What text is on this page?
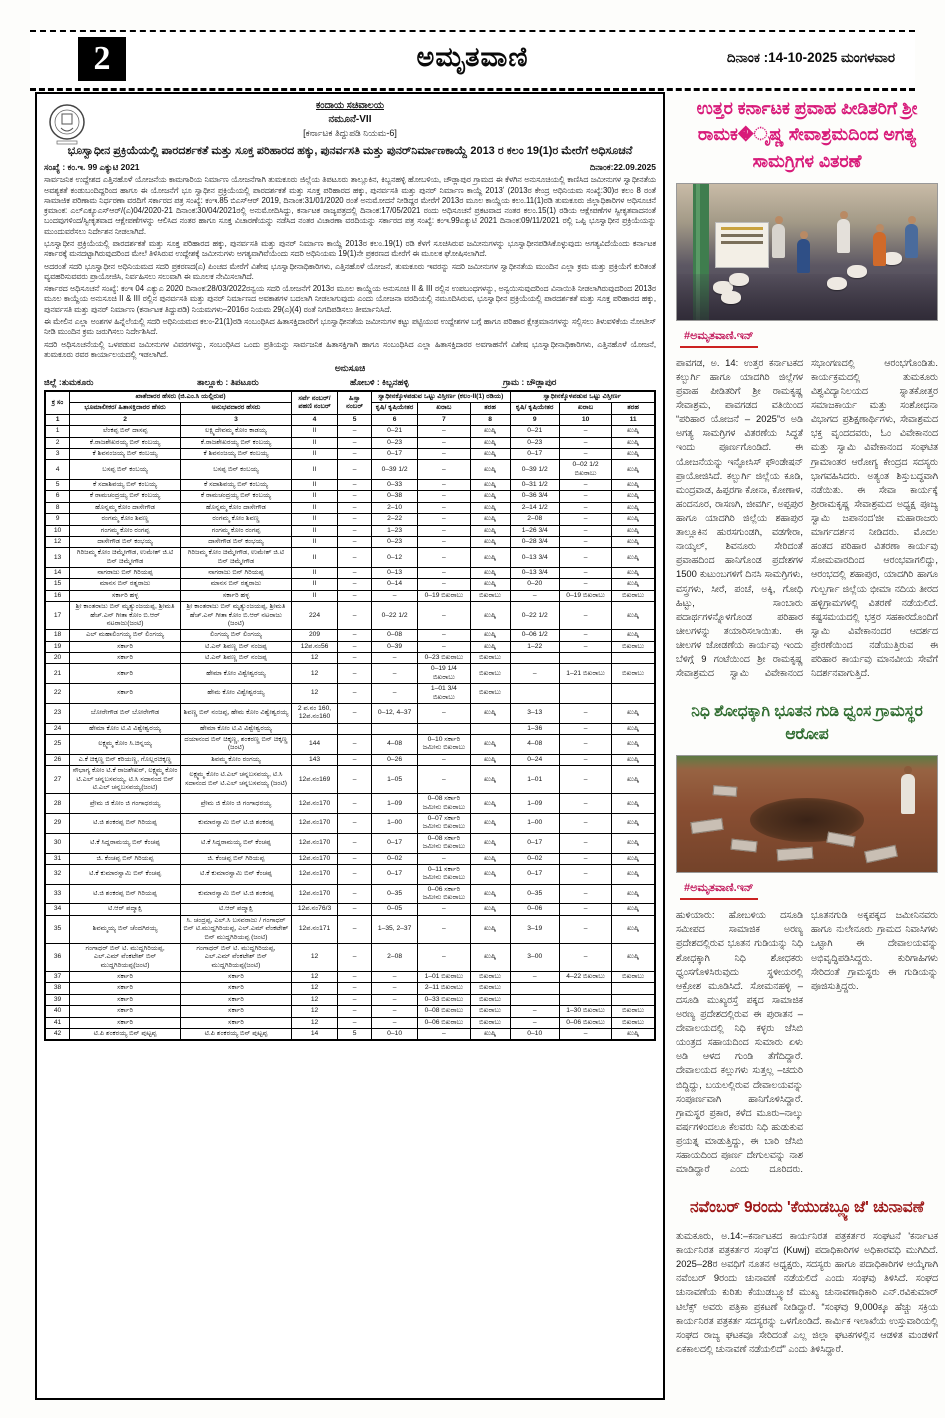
2	ಅಮೃತವಾಣಿ	ದಿನಾಂಕ :14-10-2025 ಮಂಗಳವಾರ
ಕಂದಾಯ ಸಚಿವಾಲಯ
ನಮೂನೆ-VII
[ಕರ್ನಾಟಕ ತಿದ್ದುಪಡಿ ನಿಯಮ-6]
ಭೂಸ್ವಾಧೀನ ಪ್ರಕ್ರಿಯೆಯಲ್ಲಿ ಪಾರದರ್ಶಕತೆ ಮತ್ತು ಸೂಕ್ತ ಪರಿಹಾರದ ಹಕ್ಕು, ಪುನರ್ವಸತಿ ಮತ್ತು ಪುನರ್‌ನಿರ್ಮಾಣಕಾಯ್ದೆ 2013 ರ ಕಲಂ 19(1)ರ ಮೇರೆಗೆ ಅಧಿಸೂಚನೆ
ಸಂಖ್ಯೆ : ಕಂ.ಇ. 99 ಎಕ್ಯುಟಿ 2021	ದಿನಾಂಕ:22.09.2025

ಸಾರ್ವಜನಿಕ ಉದ್ದೇಶದ ಎತ್ತಿನಹೊಳೆ ಯೋಜನೆಯ ಕಾಮಗಾರಿಯ ನಿರ್ಮಾಣ ಯೋಜನೆಗಾಗಿ ತುಮಕೂರು ಜಿಲ್ಲೆಯ ತಿಪಟೂರು ತಾಲ್ಲೂಕಿನ, ಕಿಬ್ಬನಹಳ್ಳಿ ಹೋಬಳಿಯ, ಚೌಡ್ಲಾಪುರ ಗ್ರಾಮದ ಈ ಕೆಳಗಿನ ಅನುಸೂಚಿಯಲ್ಲಿ ಕಾಣಿಸಿದ ಜಮೀನುಗಳ ಸ್ವಾಧೀನತೆಯ ಅವಶ್ಯಕತೆ ಕಂಡುಬಂದಿದ್ದರಿಂದ ಹಾಗೂ ಈ ಯೋಜನೆಗೆ ಭೂ ಸ್ವಾಧೀನ ಪ್ರಕ್ರಿಯೆಯಲ್ಲಿ ಪಾರದರ್ಶಕತೆ ಮತ್ತು ಸೂಕ್ತ ಪರಿಹಾರದ ಹಕ್ಕು, ಪುನರ್ವಸತಿ ಮತ್ತು ಪುನರ್ ನಿರ್ಮಾಣ ಕಾಯ್ದೆ 2013ʼ (2013ರ ಕೇಂದ್ರ ಅಧಿನಿಯಮ ಸಂಖ್ಯೆ:30)ರ ಕಲಂ 8 ರಂತೆ ಸಾಮಾಜಿಕ ಪರಿಣಾಮ ನಿರ್ಧರಣಾ ವರದಿಗೆ ಸರ್ಕಾರದ ಪತ್ರ ಸಂಖ್ಯೆ: ಕಂಇ.85 ಬಿಎಸ್‌ಆರ್ 2019, ದಿನಾಂಕ:31/01/2020 ರಂತೆ ಅನುಮೋದನೆ ನೀಡಿದ್ದರ ಮೇರೆಗೆ 2013ರ ಮೂಲ ಕಾಯ್ದೆಯ ಕಲಂ.11(1)ರಡಿ ತುಮಕೂರು ಜಿಲ್ಲಾಧಿಕಾರಿಗಳ ಅಧಿಸೂಚನೆ ಕ್ರಮಾಂಕ: ಎಲ್‌ಎಕ್ಯೂಎಸ್‌ಆರ್/(ಎ)04/2020-21 ದಿನಾಂಕ:30/04/2021ರಲ್ಲಿ ಅನುಮೋದಿಸಿದ್ದು, ಕರ್ನಾಟಕ ರಾಜ್ಯಪತ್ರದಲ್ಲಿ ದಿನಾಂಕ:17/05/2021 ರಂದು ಅಧಿಸೂಚನೆ ಪ್ರಕಟವಾದ ನಂತರ ಕಲಂ.15(1) ರಡಿಯ ಆಕ್ಷೇಪಣೆಗಳ ಸ್ವೀಕೃತವಾದನಂತೆ ಬಂದವುಗಳಿಂದ/ಸ್ವೀಕೃತವಾದ ಆಕ್ಷೇಪಣೆಗಳನ್ನು ಆಲಿಸಿದ ನಂತರ ಹಾಗೂ ಸೂಕ್ತ ವಿಚಾರಣೆಯನ್ನು ನಡೆಸಿದ ನಂತರ ವಿಚಾರಣಾ ವರದಿಯನ್ನು ಸರ್ಕಾರದ ಪತ್ರ ಸಂಖ್ಯೆ: ಕಂಇ.99ಎಕ್ಯುಟಿ 2021 ದಿನಾಂಕ:09/11/2021 ರಲ್ಲಿ ಒಪ್ಪಿ ಭೂಸ್ವಾಧೀನ ಪ್ರಕ್ರಿಯೆಯನ್ನು ಮುಂದುವರೆಸಲು ನಿರ್ದೇಶನ ನೀಡಲಾಗಿದೆ.

ಭೂಸ್ವಾಧೀನ ಪ್ರಕ್ರಿಯೆಯಲ್ಲಿ ಪಾರದರ್ಶಕತೆ ಮತ್ತು ಸೂಕ್ತ ಪರಿಹಾರದ ಹಕ್ಕು, ಪುನರ್ವಸತಿ ಮತ್ತು ಪುನರ್ ನಿರ್ಮಾಣ ಕಾಯ್ದೆ 2013ರ ಕಲಂ.19(1) ರಡಿ ಕೆಳಗೆ ಸೂಚಿಸಿರುವ ಜಮೀನುಗಳನ್ನು ಭೂಸ್ವಾಧೀನಪಡಿಸಿಕೊಳ್ಳುವುದು ಅಗತ್ಯವಿದೆಯೆಂದು ಕರ್ನಾಟಕ ಸರ್ಕಾರಕ್ಕೆ ಮನದಟ್ಟಾಗಿರುವುದರಿಂದ ಮೇಲೆ ತಿಳಿಸಿರುವ ಉದ್ದೇಶಕ್ಕೆ ಜಮೀನುಗಳು ಅಗತ್ಯವಾಗಿವೆಯೆಂದು ಸದರಿ ಅಧಿನಿಯಮ 19(1)ನೇ ಪ್ರಕರಣದ ಮೇರೆಗೆ ಈ ಮೂಲಕ ಘೋಷಿಸಲಾಗಿದೆ.

ಅದರಂತೆ ಸದರಿ ಭೂಸ್ವಾಧೀನ ಅಧಿನಿಯಮದ ಸದರಿ ಪ್ರಕರಣದ(ಎ) ಪಿಂಚದ ಮೇರೆಗೆ ವಿಶೇಷ ಭೂಸ್ವಾಧೀನಾಧಿಕಾರಿಗಳು, ಎತ್ತಿನಹೊಳೆ ಯೋಜನೆ, ತುಮಕೂರು ಇವರನ್ನು ಸದರಿ ಜಮೀನುಗಳ ಸ್ವಾಧೀನತೆಯ ಮುಂದಿನ ಎಲ್ಲಾ ಕ್ರಮ ಮತ್ತು ಪ್ರಕ್ರಿಯೆಗೆ ಕುರಿತಂತೆ ವ್ಯವಹರಿಸುವವರು ಪ್ರಾಯೋಜಿಸಿ, ನಿರ್ವಹಿಸಲು ಸಲುವಾಗಿ ಈ ಮೂಲಕ ನೇಮಿಸಲಾಗಿದೆ.

ಸರ್ಕಾರದ ಅಧಿಸೂಚನೆ ಸಂಖ್ಯೆ: ಕಂಇ 04 ಎಕ್ಯುಎ 2020 ದಿನಾಂಕ:28/03/2022ರನ್ವಯ ಸದರಿ ಯೋಜನೆಗೆ 2013ರ ಮೂಲ ಕಾಯ್ದೆಯ ಅನುಸೂಚಿ II & III ರಲ್ಲಿನ ಉಪಬಂಧಗಳನ್ನು, ಅನ್ವಯಿಸುವುದರಿಂದ ವಿನಾಯಿತಿ ನೀಡಲಾಗಿರುವುದರಿಂದ 2013ರ ಮೂಲ ಕಾಯ್ದೆಯ ಅನುಸೂಚಿ II & III ರಲ್ಲಿನ ಪುನರ್ವಸತಿ ಮತ್ತು ಪುನರ್ ನಿರ್ಮಾಣದ ಅವಕಾಶಗಳ ಬದಲಾಗಿ ನೀಡಲಾಗುವುದು ಎಂದು ಯೋಜನಾ ವರದಿಯಲ್ಲಿ ನಮೂದಿಸಿರುವ, ಭೂಸ್ವಾಧೀನ ಪ್ರಕ್ರಿಯೆಯಲ್ಲಿ ಪಾರದರ್ಶಕತೆ ಮತ್ತು ಸೂಕ್ತ ಪರಿಹಾರದ ಹಕ್ಕು, ಪುನರ್ವಸತಿ ಮತ್ತು ಪುನರ್ ನಿರ್ಮಾಣ (ಕರ್ನಾಟಕ ತಿದ್ದುಪಡಿ) ನಿಯಮಗಳು–2016ರ ನಿಯಮ 29(ಎ)(4) ರಂತೆ ನಿಗದಿಪಡಿಸಲು ತೀರ್ಮಾನಿಸಿದೆ.

ಈ ಮೇಲಿನ ಎಲ್ಲಾ ಅಂಶಗಳ ಹಿನ್ನೆಲೆಯಲ್ಲಿ ಸದರಿ ಅಧಿನಿಯಮದ ಕಲಂ-21(1)ರಡಿ ಸಂಬಂಧಿಸಿದ ಹಿತಾಸಕ್ತಿದಾರರಿಗೆ ಭೂಸ್ವಾಧೀನತೆಯ ಜಮೀನುಗಳ ಕಟ್ಟು ಪಟ್ಟಿಯುವ ಉದ್ದೇಶಗಳ ಬಗ್ಗೆ ಹಾಗೂ ಪರಿಹಾರ ಕ್ಷೇತ್ರಮಾನಗಳನ್ನು ಸಲ್ಲಿಸಲು ತಿಳುವಳಿಕೆಯ ನೋಟೀಸ್ ನೀಡಿ ಮುಂದಿನ ಕ್ರಮ ಜರುಗಿಸಲು ನಿರ್ದೇಶಿಸಿದೆ.

ಸದರಿ ಅಧಿಸೂಚನೆಯಲ್ಲಿ ಒಳಪಡುವ ಜಮೀನುಗಳ ವಿವರಗಳನ್ನು, ಸಂಬಂಧಿಸಿದ ಒಂದು ಪ್ರತಿಯನ್ನು ಸಾರ್ವಜನಿಕ ಹಿತಾಸಕ್ತಿಗಾಗಿ ಹಾಗೂ ಸಂಬಂಧಿಸಿದ ಎಲ್ಲಾ ಹಿತಾಸಕ್ತಿದಾರರ ಅವಗಾಹನೆಗೆ ವಿಶೇಷ ಭೂಸ್ವಾಧೀನಾಧಿಕಾರಿಗಳು, ಎತ್ತಿನಹೊಳೆ ಯೋಜನೆ, ತುಮಕೂರು ರವರ ಕಾರ್ಯಾಲಯದಲ್ಲಿ ಇಡಲಾಗಿದೆ.

ಅನುಸೂಚಿ
ಜಿಲ್ಲೆ :ತುಮಕೂರು	ತಾಲ್ಲೂಕು : ತಿಪಟೂರು	ಹೋಬಳಿ : ಕಿಬ್ಬನಹಳ್ಳಿ	ಗ್ರಾಮ : ಚೌಡ್ಲಾಪುರ
ಕ್ರ ಸಂ	ಖಾತೆದಾರರ ಹೆಸರು (ಜಿ.ಎಂ.ಸಿ ಯಲ್ಲಿರುವ)		ಸರ್ವೆ ನಂಬರ್/ ಪಹಣಿ ನಂಬರ್	ಹಿಸ್ಸಾ ನಂಬರ್	ಸ್ವಾಧೀನಕ್ಕೊಳಪಡುವ ಒಟ್ಟು ವಿಸ್ತೀರ್ಣ (ಕಲಂ-II(1) ರಡಿಯ)			ಸ್ವಾಧೀನಕ್ಕೊಳಪಡುವ ಒಟ್ಟು ವಿಸ್ತೀರ್ಣ		
	ಭೂಮಾಲೀಕರ/ ಹಿತಾಸಕ್ತಿದಾರರ ಹೆಸರು	ಅನುಭವದಾರರ ಹೆಸರು			ಕೃಷಿ/ ಕೃಷಿಯೇತರ	ಖರಾಬ	ತರಹ	ಕೃಷಿ/ ಕೃಷಿಯೇತರ	ಖರಾಬ	ತರಹ
1	2	3	4	5	6	7	8	9	10	11
1	ಲೆಂಕಪ್ಪ ಬಿನ್ ದಾಸಪ್ಪ	ಲಕ್ಷ್ಮಿದೇವಮ್ಮ ಕೋಂ ಕಾಡಯ್ಯ	II	–	0–21	–	ಖುಷ್ಕಿ	0–21	–	ಖುಷ್ಕಿ
2	ಕೆ.ರಾಜಶೇಖರಯ್ಯ ಬಿನ್ ಕಂಬಯ್ಯ	ಕೆ.ರಾಜಶೇಖರಯ್ಯ ಬಿನ್ ಕಂಬಯ್ಯ	II	–	0–23	–	ಖುಷ್ಕಿ	0–23	–	ಖುಷ್ಕಿ
3	ಕೆ ಶಿವನಂಜಯ್ಯ ಬಿನ್ ಕಂಬಯ್ಯ	ಕೆ ಶಿವನಂಜಯ್ಯ ಬಿನ್ ಕಂಬಯ್ಯ	II	–	0–17	–	ಖುಷ್ಕಿ	0–17	–	ಖುಷ್ಕಿ
4	ಬಸಪ್ಪ ಬಿನ್ ಕಂಬಯ್ಯ	ಬಸಪ್ಪ ಬಿನ್ ಕಂಬಯ್ಯ	II	–	0–39 1/2	–	ಖುಷ್ಕಿ	0–39 1/2	0–02 1/2 ಬಿಖರಾಬು	ಖುಷ್ಕಿ
5	ಕೆ ಸದಾಶಿವಯ್ಯ ಬಿನ್ ಕಂಬಯ್ಯ	ಕೆ ಸದಾಶಿವಯ್ಯ ಬಿನ್ ಕಂಬಯ್ಯ	II	–	0–33	–	ಖುಷ್ಕಿ	0–31 1/2	–	ಖುಷ್ಕಿ
6	ಕೆ ರಾಮಚಂದ್ರಯ್ಯ ಬಿನ್ ಕಂಬಯ್ಯ	ಕೆ ರಾಮಚಂದ್ರಯ್ಯ ಬಿನ್ ಕಂಬಯ್ಯ	II	–	0–38	–	ಖುಷ್ಕಿ	0–36 3/4	–	ಖುಷ್ಕಿ
8	ಹೊನ್ನಮ್ಮ ಕೋಂ ದಾಸೇಗೌಡ	ಹೊನ್ನಮ್ಮ ಕೋಂ ದಾಸೇಗೌಡ	II	–	2–10	–	ಖುಷ್ಕಿ	2–14 1/2	–	ಖುಷ್ಕಿ
9	ರಂಗಮ್ಮ ಕೋಂ ಶಿವಣ್ಣ	ರಂಗಮ್ಮ ಕೋಂ ಶಿವಣ್ಣ	II	–	2–22	–	ಖುಷ್ಕಿ	2–08	–	ಖುಷ್ಕಿ
10	ಗಂಗಮ್ಮ ಕೋಂ ರಂಗಪ್ಪ	ಗಂಗಮ್ಮ ಕೋಂ ರಂಗಪ್ಪ	II	–	1–23	–	ಖುಷ್ಕಿ	1–26 3/4	–	ಖುಷ್ಕಿ
12	ದಾಸೇಗೌಡ ಬಿನ್ ಕಂಭಯ್ಯ	ದಾಸೇಗೌಡ ಬಿನ್ ಕಂಭಯ್ಯ	II	–	0–23	–	ಖುಷ್ಕಿ	0–28 3/4	–	ಖುಷ್ಕಿ
13	ಗಿರಿಜಮ್ಮ ಕೋಂ ಚಿಮ್ಮೇಗೌಡ, ಉಮೇಶ್ ಜಿ.ಟಿ ಬಿನ್ ಚಿಮ್ಮೇಗೌಡ	ಗಿರಿಜಮ್ಮ ಕೋಂ ಚಿಮ್ಮೇಗೌಡ, ಉಮೇಶ್ ಜಿ.ಟಿ ಬಿನ್ ಚಿಮ್ಮೇಗೌಡ	II	–	0–12	–	ಖುಷ್ಕಿ	0–13 3/4	–	ಖುಷ್ಕಿ
14	ನಾಗರಾಜು ಬಿನ್ ಗಿರಿಯಪ್ಪ	ನಾಗರಾಜು ಬಿನ್ ಗಿರಿಯಪ್ಪ	II	–	0–13	–	ಖುಷ್ಕಿ	0–13 3/4	–	ಖುಷ್ಕಿ
15	ಮಾನಸ ಬಿನ್ ರತ್ನರಾಜು	ಮಾನಸ ಬಿನ್ ರತ್ನರಾಜು	II	–	0–14	–	ಖುಷ್ಕಿ	0–20	–	ಖುಷ್ಕಿ
16	ಸರ್ಕಾರಿ ಹಳ್ಳ	ಸರ್ಕಾರಿ ಹಳ್ಳ	II	–	–	0–19 ಬಿಖರಾಬು	ಬಿಖರಾಬು	–	0–19 ಬಿಖರಾಬು	ಬಿಖರಾಬು
17	ಶ್ರೀ ಕಾಂತರಾಜು ಬಿನ್ ಮೃತ್ಯುಂಜಯಪ್ಪ, ಶ್ರೀಮತಿ ಹೆಚ್.ಎನ್ ಗೀತಾ ಕೋಂ ಬಿ.ಆರ್ ನಟರಾಜು(ಜಂಟಿ)	ಶ್ರೀ ಕಾಂತರಾಜು ಬಿನ್ ಮೃತ್ಯುಂಜಯಪ್ಪ, ಶ್ರೀಮತಿ ಹೆಚ್.ಎನ್ ಗೀತಾ ಕೋಂ ಬಿ.ಆರ್ ನಟರಾಜು (ಜಂಟಿ)	224	–	0–22 1/2	–	ಖುಷ್ಕಿ	0–22 1/2	–	ಖುಷ್ಕಿ
18	ಎಲ್ ಮಹಾಲಿಂಗಯ್ಯ ಬಿನ್ ಲಿಂಗಯ್ಯ	ಲಿಂಗಯ್ಯ ಬಿನ್ ಲಿಂಗಯ್ಯ	209	–	0–08	–	ಖುಷ್ಕಿ	0–06 1/2	–	ಖುಷ್ಕಿ
19	ಸರ್ಕಾರಿ	ಟಿ.ಎನ್ ಶಿವಣ್ಣ ಬಿನ್ ನಂಜಪ್ಪ	12ಪ.ನಂ56	–	0–39	–	ಖುಷ್ಕಿ	1–22	–	ಬಿಖರಾಬು
20	ಸರ್ಕಾರಿ	ಟಿ.ಎನ್ ಶಿವಣ್ಣ ಬಿನ್ ನಂಜಪ್ಪ	12	–	–	0–23 ಬಿಖರಾಬು	ಬಿಖರಾಬು			
21	ಸರ್ಕಾರಿ	ಹೇಮಾ ಕೋಂ ವಿಶ್ವೇಶ್ವರಯ್ಯ	12	–	–	0–19 1/4 ಬಿಖರಾಬು	ಬಿಖರಾಬು	–	1–21 ಬಿಖರಾಬು	ಬಿಖರಾಬು
22	ಸರ್ಕಾರಿ	ಹೇಮ ಕೋಂ ವಿಶ್ವೇಶ್ವರಯ್ಯ	12	–	–	1–01 3/4 ಬಿಖರಾಬು	ಬಿಖರಾಬು			
23	ಬೋರೇಗೌಡ ಬಿನ್ ಬೋರೇಗೌಡ	ಶಿವಣ್ಣ ಬಿನ್ ನಂಜಪ್ಪ, ಹೇಮ ಕೋಂ ವಿಶ್ವೇಶ್ವರಯ್ಯ	2 ಪ.ನಂ 160, 12ಪ.ನಂ160	–	0–12, 4–37	–	ಖುಷ್ಕಿ	3–13	–	ಖುಷ್ಕಿ
24	ಹೇಮಾ ಕೋಂ ಟಿ.ವಿ ವಿಶ್ವೇಶ್ವರಯ್ಯ	ಹೇಮಾ ಕೋಂ ಟಿ.ವಿ ವಿಶ್ವೇಶ್ವರಯ್ಯ						1–36	–	ಖುಷ್ಕಿ
25	ಲಕ್ಷ್ಮಮ್ಮ ಕೋಂ ಸಿ.ಚಿನ್ನಯ್ಯ	ದಯಾನಂದ ಬಿನ್ ಚಿಕ್ಕಣ್ಣ, ಶಂಕರಣ್ಣ ಬಿನ್ ಚಿಕ್ಕಣ್ಣ (ಜಂಟಿ)	144	–	4–08	0–10 ಸರ್ಕಾರಿ ಜಮೀನು ಬಿಖರಾಬು	ಖುಷ್ಕಿ	4–08	–	ಖುಷ್ಕಿ
26	ಎ.ಕೆ ಚಿಕ್ಕಣ್ಣ ಬಿನ್ ಕರಿಯಣ್ಣ, ಗೊಲ್ಲರಚಿಕ್ಕಣ್ಣ	ಶಿವಮ್ಮ ಕೋಂ ರಂಗಯ್ಯ	143	–	0–26	–	ಖುಷ್ಕಿ	0–24	–	ಖುಷ್ಕಿ
27	ಸೌಭಾಗ್ಯ ಕೋಂ ಟಿ.ಕೆ ರಾಜಶೇಖರ್, ಲಕ್ಷ್ಮಮ್ಮ ಕೋಂ ಟಿ.ಎಲ್ ಚನ್ನಬಸವಯ್ಯ, ಟಿ.ಸಿ ಸದಾನಂದ ಬಿನ್ ಟಿ.ಎಲ್ ಚನ್ನಬಸವಯ್ಯ(ಜಂಟಿ)	ಲಕ್ಷ್ಮಮ್ಮ ಕೋಂ ಟಿ.ಎಲ್ ಚನ್ನಬಸವಯ್ಯ, ಟಿ.ಸಿ ಸದಾನಂದ ಬಿನ್ ಟಿ.ಎಲ್ ಚನ್ನಬಸವಯ್ಯ (ಜಂಟಿ)	12ಪ.ನಂ169	–	1–05	–	ಖುಷ್ಕಿ	1–01	–	ಖುಷ್ಕಿ
28	ಪ್ರೇಮ ಜಿ ಕೋಂ ಜಿ ಗಂಗಾಧರಯ್ಯ	ಪ್ರೇಮ ಜಿ ಕೋಂ ಜಿ ಗಂಗಾಧರಯ್ಯ	12ಪ.ನಂ170	–	1–09	0–08 ಸರ್ಕಾರಿ ಜಮೀನು ಬಿಖರಾಬು	ಖುಷ್ಕಿ	1–09	–	ಖುಷ್ಕಿ
29	ಟಿ.ಜಿ ಶಂಕರಪ್ಪ ಬಿನ್ ಗಿರಿಯಪ್ಪ	ಕುಮಾರಸ್ವಾಮಿ ಬಿನ್ ಟಿ.ಜಿ ಶಂಕರಪ್ಪ	12ಪ.ನಂ170	–	1–00	0–07 ಸರ್ಕಾರಿ ಜಮೀನು ಬಿಖರಾಬು	ಖುಷ್ಕಿ	1–00	–	ಖುಷ್ಕಿ
30	ಟಿ.ಕೆ ಸಿದ್ದರಾಮಯ್ಯ ಬಿನ್ ಕೆಂಚಪ್ಪ	ಟಿ.ಕೆ ಸಿದ್ದರಾಮಯ್ಯ ಬಿನ್ ಕೆಂಚಪ್ಪ	12ಪ.ನಂ170	–	0–17	0–08 ಸರ್ಕಾರಿ ಜಮೀನು ಬಿಖರಾಬು	ಖುಷ್ಕಿ	0–17	–	ಖುಷ್ಕಿ
31	ಜಿ. ಕೆಂಚಪ್ಪ ಬಿನ್ ಗಿರಿಯಪ್ಪ	ಜಿ. ಕೆಂಚಪ್ಪ ಬಿನ್ ಗಿರಿಯಪ್ಪ	12ಪ.ನಂ170	–	0–02	–	ಖುಷ್ಕಿ	0–02	–	ಖುಷ್ಕಿ
32	ಟಿ.ಕೆ ಕುಮಾರಸ್ವಾಮಿ ಬಿನ್ ಕೆಂಚಪ್ಪ	ಟಿ.ಕೆ ಕುಮಾರಸ್ವಾಮಿ ಬಿನ್ ಕೆಂಚಪ್ಪ	12ಪ.ನಂ170	–	0–17	0–11 ಸರ್ಕಾರಿ ಜಮೀನು ಬಿಖರಾಬು	ಖುಷ್ಕಿ	0–17	–	ಖುಷ್ಕಿ
33	ಟಿ.ಜಿ ಶಂಕರಪ್ಪ ಬಿನ್ ಗಿರಿಯಪ್ಪ	ಕುಮಾರಸ್ವಾಮಿ ಬಿನ್ ಟಿ.ಜಿ ಶಂಕರಪ್ಪ	12ಪ.ನಂ170	–	0–35	0–06 ಸರ್ಕಾರಿ ಜಮೀನು ಬಿಖರಾಬು	ಖುಷ್ಕಿ	0–35	–	ಖುಷ್ಕಿ
34	ಟಿ.ಆರ್ ಪದ್ಮಾಕ್ಷಿ	ಟಿ.ಆರ್ ಪದ್ಮಾಕ್ಷಿ	12ಪ.ನಂ76/3	–	0–05	–	ಖುಷ್ಕಿ	0–06	–	ಖುಷ್ಕಿ
35	ಶಿವಮ್ಮಯ್ಯ ಬಿನ್ ಚೆಂದಗಿರಯ್ಯ	ಸಿ. ಚಂದ್ರಪ್ಪ, ಎಲ್.ಸಿ ಬಸವರಾಜು / ಗಂಗಾಧರ್ ಬಿನ್ ಟಿ.ಮುದ್ದಗಿರಿಯಪ್ಪ, ಎಲ್.ಎಮ್ ವೆಂಕಟೇಶ್ ಬಿನ್ ಮುದ್ದಗಿರಿಯಪ್ಪ (ಜಂಟಿ)	12ಪ.ನಂ171	–	1–35, 2–37	–	ಖುಷ್ಕಿ	3–19	–	ಖುಷ್ಕಿ
36	ಗಂಗಾಧರ್ ಬಿನ್ ಟಿ. ಮುದ್ದಗಿರಿಯಪ್ಪ, ಎಲ್.ಎಮ್ ವೆಂಕಟೇಶ್ ಬಿನ್ ಮುದ್ದಗಿರಿಯಪ್ಪ(ಜಂಟಿ)	ಗಂಗಾಧರ್ ಬಿನ್ ಟಿ. ಮುದ್ದಗಿರಿಯಪ್ಪ, ಎಲ್.ಎಮ್ ವೆಂಕಟೇಶ್ ಬಿನ್ ಮುದ್ದಗಿರಿಯಪ್ಪ(ಜಂಟಿ)	12	–	2–08	–	ಖುಷ್ಕಿ	3–00	–	ಖುಷ್ಕಿ
37	ಸರ್ಕಾರಿ	ಸರ್ಕಾರಿ	12	–	–	1–01 ಬಿಖರಾಬು	ಬಿಖರಾಬು	–	4–22 ಬಿಖರಾಬು	ಬಿಖರಾಬು
38	ಸರ್ಕಾರಿ	ಸರ್ಕಾರಿ	12	–	–	2–11 ಬಿಖರಾಬು	ಬಿಖರಾಬು			
39	ಸರ್ಕಾರಿ	ಸರ್ಕಾರಿ	12	–	–	0–33 ಬಿಖರಾಬು	ಬಿಖರಾಬು			
40	ಸರ್ಕಾರಿ	ಸರ್ಕಾರಿ	12	–	–	0–08 ಬಿಖರಾಬು	ಬಿಖರಾಬು	–	1–30 ಬಿಖರಾಬು	ಬಿಖರಾಬು
41	ಸರ್ಕಾರಿ	ಸರ್ಕಾರಿ	12	–	–	0–06 ಬಿಖರಾಬು	ಬಿಖರಾಬು	–	0–06 ಬಿಖರಾಬು	ಬಿಖರಾಬು
42	ಟಿ.ಪಿ ಶಂಕರಯ್ಯ ಬಿನ್ ಪುಟ್ಟಪ್ಪ	ಟಿ.ಪಿ ಶಂಕರಯ್ಯ ಬಿನ್ ಪುಟ್ಟಪ್ಪ	14	5	0–10	–	ಖುಷ್ಕಿ	0–10	–	ಖುಷ್ಕಿ
ಉತ್ತರ ಕರ್ನಾಟಕ ಪ್ರವಾಹ ಪೀಡಿತರಿಗೆ ಶ್ರೀ ರಾಮಕ�ೃಷ್ಣ ಸೇವಾಶ್ರಮದಿಂದ ಅಗತ್ಯ ಸಾಮಗ್ರಿಗಳ ವಿತರಣೆ
#ಅಮೃತವಾಣಿ.ಇನ್
ಪಾವಗಡ, ಅ. 14: ಉತ್ತರ ಕರ್ನಾಟಕದ ಕಲ್ಬುರ್ಗಿ ಹಾಗೂ ಯಾದಗಿರಿ ಜಿಲ್ಲೆಗಳ ಪ್ರವಾಹ ಪೀಡಿತರಿಗೆ ಶ್ರೀ ರಾಮಕೃಷ್ಣ ಸೇವಾಶ್ರಮ, ಪಾವಗಡದ ವತಿಯಿಂದ “ಪರಿಹಾರ ಯೋಜನೆ – 2025”ರ ಅಡಿ ಅಗತ್ಯ ಸಾಮಗ್ರಿಗಳ ವಿತರಣೆಯ ಸಿದ್ಧತೆ ಇಂದು ಪೂರ್ಣಗೊಂಡಿದೆ. ಈ ಯೋಜನೆಯನ್ನು ಇನ್ಫೋಸಿಸ್ ಫೌಂಡೇಷನ್ ಪ್ರಾಯೋಜಿಸಿದೆ. ಕಲ್ಬುರ್ಗಿ ಜಿಲ್ಲೆಯ ಕೂಡಿ, ಮಂದ್ರವಾಡ, ಹಿಪ್ಪರಗಾ ಕೋನಾ, ಕೋಣಾಳ, ಹಂದನೂರ, ರಾಸಣಗಿ, ಜೀವರ್ಗಿ, ಅಪ್ಪಪುರ ಹಾಗೂ ಯಾದಗಿರಿ ಜಿಲ್ಲೆಯ ಶಹಾಪುರ ತಾಲ್ಲೂಕಿನ ಹುರಸಗುಂಡಗಿ, ವಡಗೇರಾ, ನಾಯ್ಕಲ್, ಶಿವನೂರು ಸೇರಿದಂತೆ ಪ್ರವಾಹದಿಂದ ಹಾನಿಗೊಂಡ ಪ್ರದೇಶಗಳ 1500 ಕುಟುಂಬಗಳಿಗೆ ದಿನಸಿ ಸಾಮಗ್ರಿಗಳು, ವಸ್ತ್ರಗಳು, ಸೀರೆ, ಪಂಚೆ, ಅಕ್ಕಿ, ಗೋಧಿ ಹಿಟ್ಟು, ಸಾಂಬಾರು ಪದಾರ್ಥಗಳನ್ನೊಳಗೊಂಡ ಪರಿಹಾರ ಚೀಲಗಳನ್ನು ತಯಾರಿಸಲಾಯಿತು. ಈ ಚೀಲಗಳ ಜೋಡಣೆಯ ಕಾರ್ಯವು ಇಂದು ಬೆಳಿಗ್ಗೆ 9 ಗಂಟೆಯಿಂದ ಶ್ರೀ ರಾಮಕೃಷ್ಣ ಸೇವಾಶ್ರಮದ ಸ್ವಾಮಿ ವಿವೇಕಾನಂದ ಸಭಾಂಗಣದಲ್ಲಿ ಆರಂಭಗೊಂಡಿತು. ಕಾರ್ಯಕ್ರಮದಲ್ಲಿ ತುಮಕೂರು ವಿಶ್ವವಿದ್ಯಾನಿಲಯದ ಸ್ನಾತಕೋತ್ತರ ಸಮಾಜಕಾರ್ಯ ಮತ್ತು ಸಂಶೋಧನಾ ವಿಭಾಗದ ಪ್ರಶಿಕ್ಷಣಾರ್ಥಿಗಳು, ಸೇವಾಶ್ರಮದ ಭಕ್ತ ವೃಂದದವರು, ಓಂ ವಿವೇಕಾನಂದ ಮತ್ತು ಸ್ವಾಮಿ ವಿವೇಕಾನಂದ ಸಂಘಟಿತ ಗ್ರಾಮಾಂತರ ಆರೋಗ್ಯ ಕೇಂದ್ರದ ಸದಸ್ಯರು ಭಾಗವಹಿಸಿದರು. ಅತ್ಯಂತ ಶಿಸ್ತುಬದ್ಧವಾಗಿ ನಡೆಯಿತು. ಈ ಸೇವಾ ಕಾರ್ಯಕ್ಕೆ ಶ್ರೀರಾಮಕೃಷ್ಣ ಸೇವಾಶ್ರಮದ ಅಧ್ಯಕ್ಷ ಪೂಜ್ಯ ಸ್ವಾಮಿ ಜಪಾನಂದ'ಜೀ ಮಹಾರಾಜರು ಮಾರ್ಗದರ್ಶನ ನೀಡಿದರು. ಮೊದಲ ಹಂತದ ಪರಿಹಾರ ವಿತರಣಾ ಕಾರ್ಯವು ಸೋಮವಾರದಿಂದ ಆರಂಭವಾಗಲಿದ್ದು, ಆರಂಭದಲ್ಲಿ ಶಹಾಪುರ, ಯಾದಗಿರಿ ಹಾಗೂ ಗುಲ್ಬರ್ಗಾ ಜಿಲ್ಲೆಯ ಭೀಮಾ ನದಿಯ ತೀರದ ಹಳ್ಳಿಗ್ರಾಮಗಳಲ್ಲಿ ವಿತರಣೆ ನಡೆಯಲಿದೆ. ಕಷ್ಟಸಮಯದಲ್ಲಿ ಭಕ್ತರ ಸಹಕಾರದೊಂದಿಗೆ ಸ್ವಾಮಿ ವಿವೇಕಾನಂದರ ಆದರ್ಶದ ಪ್ರೇರಣೆಯಿಂದ ನಡೆಯುತ್ತಿರುವ ಈ ಪರಿಹಾರ ಕಾರ್ಯವು ಮಾನವೀಯ ಸೇವೆಗೆ ನಿದರ್ಶನವಾಗುತ್ತಿದೆ.
ನಿಧಿ ಶೋಧಕ್ಕಾಗಿ ಭೂತನ ಗುಡಿ ಧ್ವಂಸ ಗ್ರಾಮಸ್ಥರ ಆರೋಪ
#ಅಮೃತವಾಣಿ.ಇನ್
ಹುಳಿಯಾರು: ಹೋಬಳಿಯ ದಸೂಡಿ ಸಮೀಪದ ಸಾಮಾಜಿಕ ಅರಣ್ಯ ಪ್ರದೇಶದಲ್ಲಿರುವ ಭೂತನ ಗುಡಿಯನ್ನು ನಿಧಿ ಶೋಧಕ್ಕಾಗಿ ನಿಧಿ ಶೋಧಕರು ಧ್ವಂಸಗೊಳಿಸಿರುವುದು ಸ್ಥಳೀಯರಲ್ಲಿ ಆಕ್ರೋಶ ಮೂಡಿಸಿದೆ. ಸೋಮನಹಳ್ಳಿ – ದಸೂಡಿ ಮುಖ್ಯರಸ್ತೆ ಪಕ್ಕದ ಸಾಮಾಜಿಕ ಅರಣ್ಯ ಪ್ರದೇಶದಲ್ಲಿರುವ ಈ ಪುರಾತನ – ದೇವಾಲಯದಲ್ಲಿ ನಿಧಿ ಕಳ್ಳರು ಜೆಸಿಬಿ ಯಂತ್ರದ ಸಹಾಯದಿಂದ ಸುಮಾರು ಏಳು ಅಡಿ ಆಳದ ಗುಂಡಿ ತೆಗೆದಿದ್ದಾರೆ. ದೇವಾಲಯದ ಕಲ್ಲುಗಳು ಸುತ್ತಲ್ಲ –ಚದುರಿ ಬಿದ್ದಿದ್ದು, ಬಯಲಲ್ಲಿರುವ ದೇವಾಲಯವನ್ನು ಸಂಪೂರ್ಣವಾಗಿ ಹಾನಿಗೊಳಿಸಿದ್ದಾರೆ. ಗ್ರಾಮಸ್ಥರ ಪ್ರಕಾರ, ಕಳೆದ ಮೂರು–ನಾಲ್ಕು ವರ್ಷಗಳಿಂದಲೂ ಕೆಲವರು ನಿಧಿ ಹುಡುಕುವ ಪ್ರಯತ್ನ ಮಾಡುತ್ತಿದ್ದು, ಈ ಬಾರಿ ಜೆಸಿಬಿ ಸಹಾಯದಿಂದ ಪೂರ್ಣ ದೇಗುಲವನ್ನು ನಾಶ ಮಾಡಿದ್ದಾರೆ ಎಂದು ದೂರಿದರು. ಭೂತನಗುಡಿ ಅಕ್ಕಪಕ್ಕದ ಜಮೀನಿನವರು ಹಾಗೂ ನುಲೇನೂರು ಗ್ರಾಮದ ನಿವಾಸಿಗಳು ಒಟ್ಟಾಗಿ ಈ ದೇವಾಲಯವನ್ನು ಅಭಿವೃದ್ಧಿಪಡಿಸಿದ್ದರು. ಕುರಿಗಾಹಿಗಳು ಸೇರಿದಂತೆ ಗ್ರಾಮಸ್ಥರು ಈ ಗುಡಿಯನ್ನು ಪೂಜಿಸುತ್ತಿದ್ದರು.
ನವೆಂಬರ್ 9ರಂದು 'ಕೆಯುಡಬ್ಲ್ಯೂಜೆ' ಚುನಾವಣೆ
ತುಮಕೂರು, ಅ.14:–ಕರ್ನಾಟಕದ ಕಾರ್ಯನಿರತ ಪತ್ರಕರ್ತರ ಸಂಘಟನೆ 'ಕರ್ನಾಟಕ ಕಾರ್ಯನಿರತ ಪತ್ರಕರ್ತರ ಸಂಘ'ದ (Kuwj) ಪದಾಧಿಕಾರಿಗಳ ಅಧಿಕಾರವಧಿ ಮುಗಿದಿದೆ. 2025–28ರ ಅವಧಿಗೆ ನೂತನ ಅಧ್ಯಕ್ಷರು, ಸದಸ್ಯರು ಹಾಗೂ ಪದಾಧಿಕಾರಿಗಳ ಆಯ್ಕೆಗಾಗಿ ನವೆಂಬರ್ 9ರಂದು ಚುನಾವಣೆ ನಡೆಯಲಿದೆ ಎಂದು ಸಂಘವು ತಿಳಿಸಿದೆ. ಸಂಘದ ಚುನಾವಣೆಯ ಕುರಿತು ಕೆಯುಡಬ್ಲ್ಯೂಜೆ ಮುಖ್ಯ ಚುನಾವಣಾಧಿಕಾರಿ ಎನ್.ರವಿಕುಮಾರ್ ಟಿಲೆಕ್ಸ್ ಅವರು ಪತ್ರಿಕಾ ಪ್ರಕಟಣೆ ನೀಡಿದ್ದಾರೆ. “ಸಂಘವು 9,000ಕ್ಕೂ ಹೆಚ್ಚು ಸಕ್ರಿಯ ಕಾರ್ಯನಿರತ ಪತ್ರಕರ್ತ ಸದಸ್ಯರನ್ನು ಒಳಗೊಂಡಿದೆ. ಕಾರ್ಮಿಕ ಇಲಾಖೆಯ ಉಸ್ತುವಾರಿಯಲ್ಲಿ ಸಂಘದ ರಾಜ್ಯ ಘಟಕವೂ ಸೇರಿದಂತೆ ಎಲ್ಲ ಜಿಲ್ಲಾ ಘಟಕಗಳಲ್ಲಿನ ಆಡಳಿತ ಮಂಡಳಿಗೆ ಏಕಕಾಲದಲ್ಲಿ ಚುನಾವಣೆ ನಡೆಯಲಿದೆ” ಎಂದು ತಿಳಿಸಿದ್ದಾರೆ.
